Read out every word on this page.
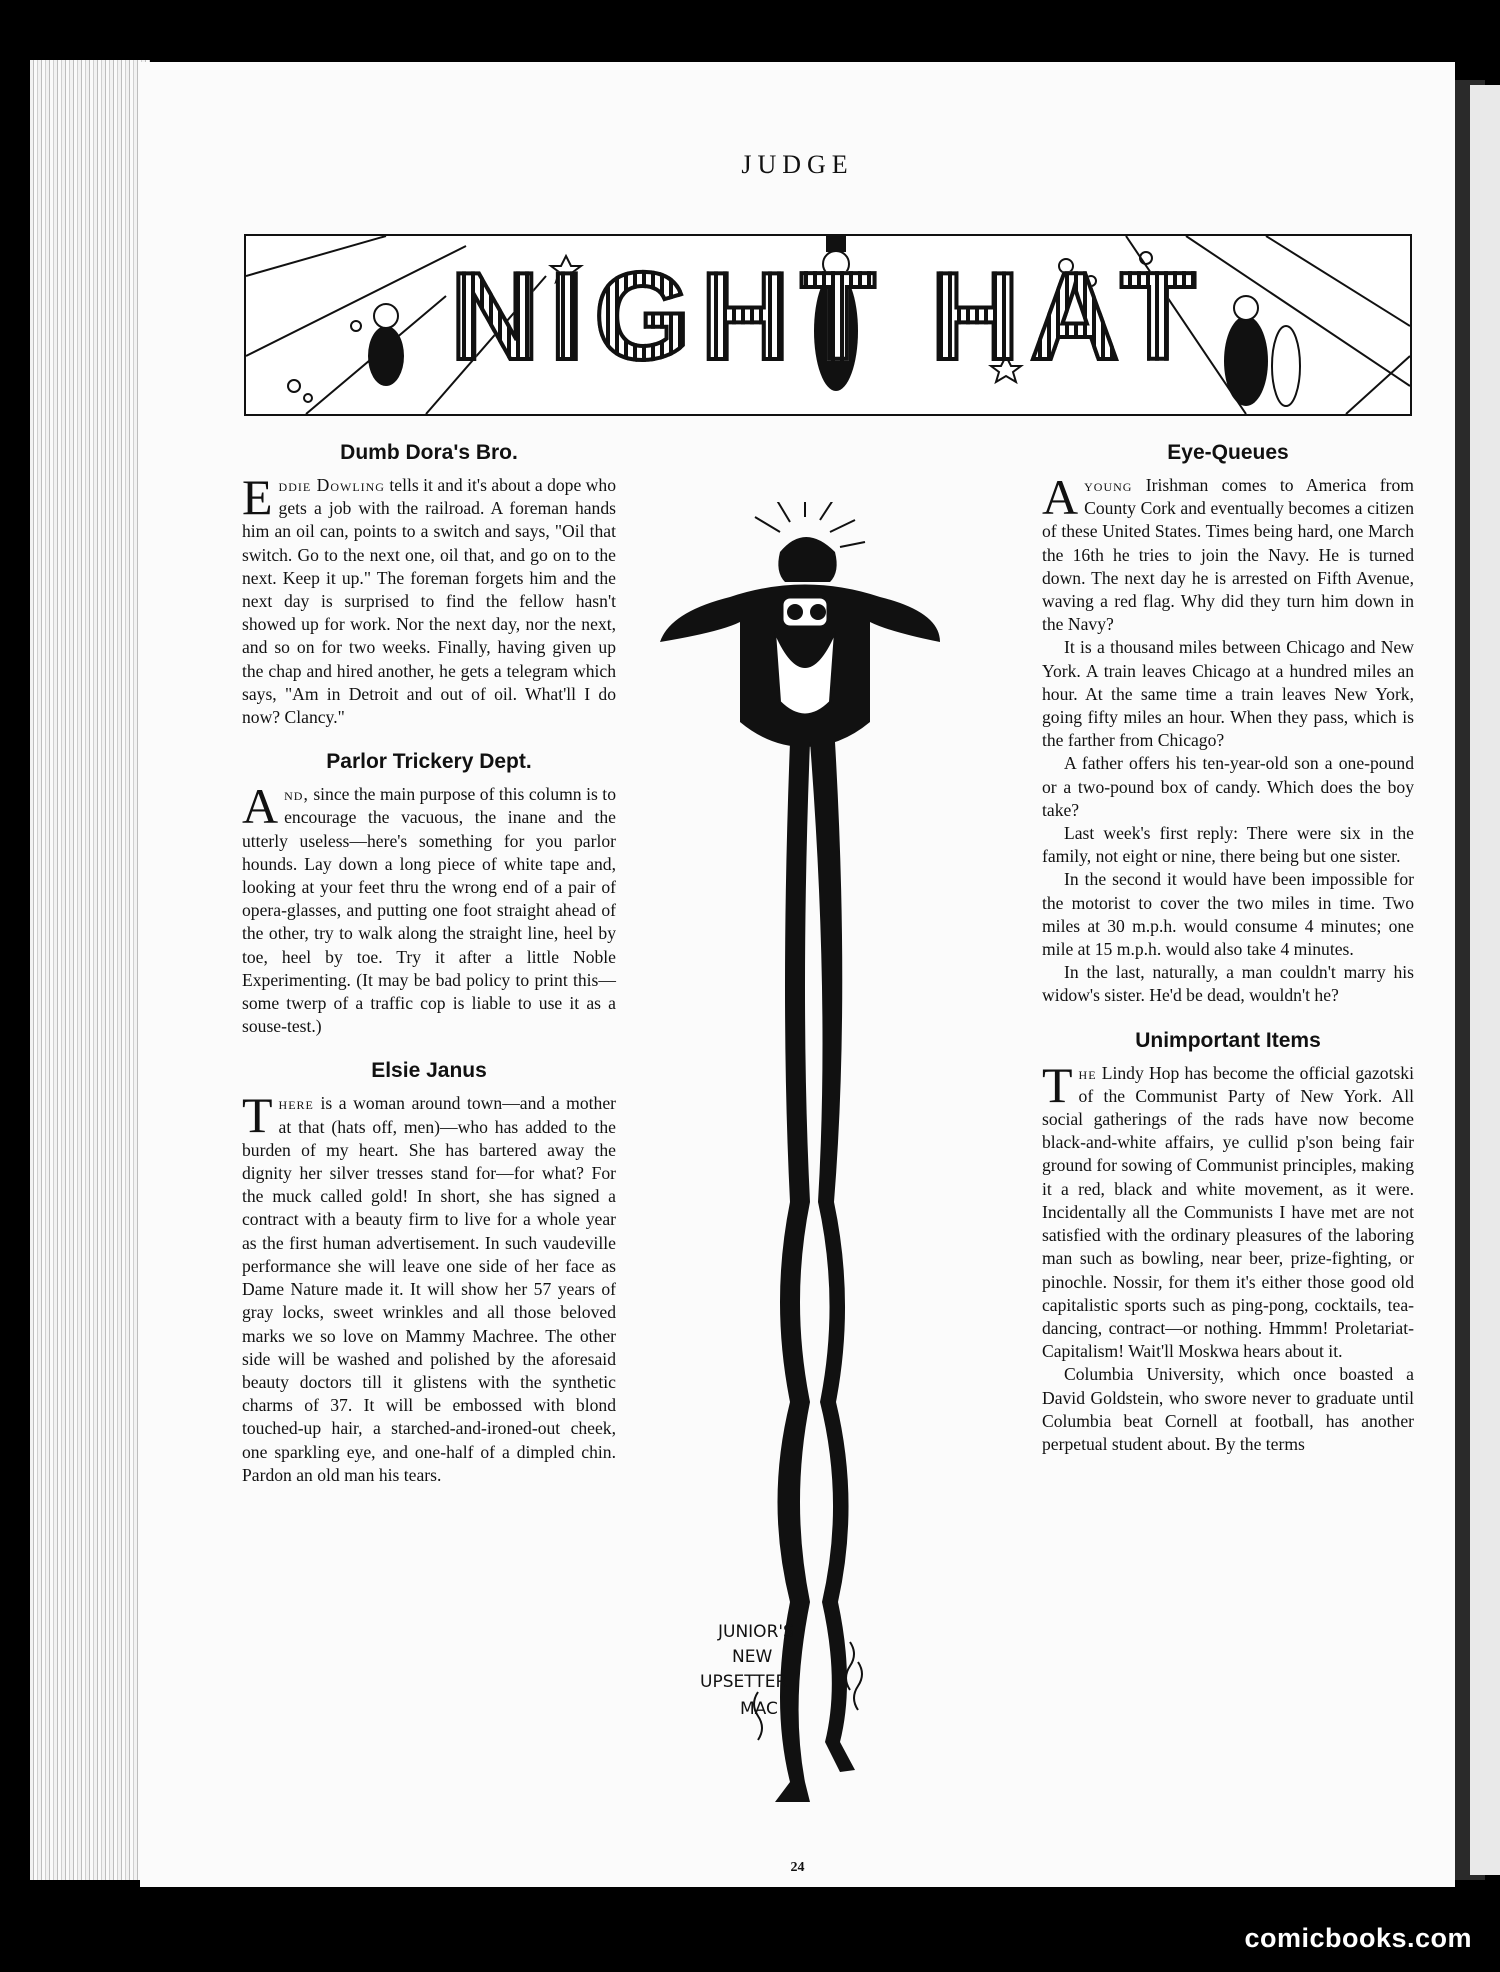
JUDGE
NIGHT HAT
Dumb Dora's Bro.

Eddie Dowling tells it and it's about a dope who gets a job with the railroad. A foreman hands him an oil can, points to a switch and says, "Oil that switch. Go to the next one, oil that, and go on to the next. Keep it up." The foreman forgets him and the next day is surprised to find the fellow hasn't showed up for work. Nor the next day, nor the next, and so on for two weeks. Finally, having given up the chap and hired another, he gets a telegram which says, "Am in Detroit and out of oil. What'll I do now? Clancy."

Parlor Trickery Dept.

And, since the main purpose of this column is to encourage the vacuous, the inane and the utterly useless—here's something for you parlor hounds. Lay down a long piece of white tape and, looking at your feet thru the wrong end of a pair of opera-glasses, and putting one foot straight ahead of the other, try to walk along the straight line, heel by toe, heel by toe. Try it after a little Noble Experimenting. (It may be bad policy to print this—some twerp of a traffic cop is liable to use it as a souse-test.)

Elsie Janus

There is a woman around town—and a mother at that (hats off, men)—who has added to the burden of my heart. She has bartered away the dignity her silver tresses stand for—for what? For the muck called gold! In short, she has signed a contract with a beauty firm to live for a whole year as the first human advertisement. In such vaudeville performance she will leave one side of her face as Dame Nature made it. It will show her 57 years of gray locks, sweet wrinkles and all those beloved marks we so love on Mammy Machree. The other side will be washed and polished by the aforesaid beauty doctors till it glistens with the synthetic charms of 37. It will be embossed with blond touched-up hair, a starched-and-ironed-out cheek, one sparkling eye, and one-half of a dimpled chin. Pardon an old man his tears.

JUNIOR'S
NEW
UPSETTER
MAC
Eye-Queues

Ayoung Irishman comes to America from County Cork and eventually becomes a citizen of these United States. Times being hard, one March the 16th he tries to join the Navy. He is turned down. The next day he is arrested on Fifth Avenue, waving a red flag. Why did they turn him down in the Navy?

It is a thousand miles between Chicago and New York. A train leaves Chicago at a hundred miles an hour. At the same time a train leaves New York, going fifty miles an hour. When they pass, which is the farther from Chicago?

A father offers his ten-year-old son a one-pound or a two-pound box of candy. Which does the boy take?

Last week's first reply: There were six in the family, not eight or nine, there being but one sister.

In the second it would have been impossible for the motorist to cover the two miles in time. Two miles at 30 m.p.h. would consume 4 minutes; one mile at 15 m.p.h. would also take 4 minutes.

In the last, naturally, a man couldn't marry his widow's sister. He'd be dead, wouldn't he?

Unimportant Items

The Lindy Hop has become the official gazotski of the Communist Party of New York. All social gatherings of the rads have now become black-and-white affairs, ye cullid p'son being fair ground for sowing of Communist principles, making it a red, black and white movement, as it were. Incidentally all the Communists I have met are not satisfied with the ordinary pleasures of the laboring man such as bowling, near beer, prize-fighting, or pinochle. Nossir, for them it's either those good old capitalistic sports such as ping-pong, cocktails, tea-dancing, contract—or nothing. Hmmm! Proletariat-Capitalism! Wait'll Moskwa hears about it.

Columbia University, which once boasted a David Goldstein, who swore never to graduate until Columbia beat Cornell at football, has another perpetual student about. By the terms

24
comicbooks.com
